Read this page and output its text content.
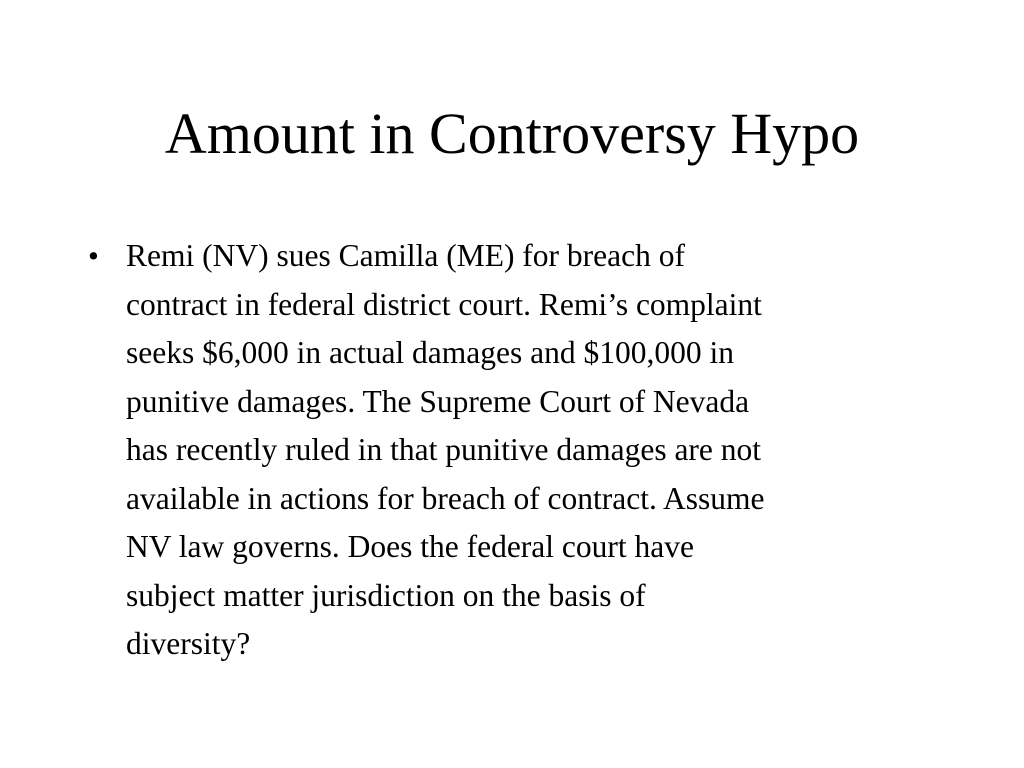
Amount in Controversy Hypo
• Remi (NV) sues Camilla (ME) for breach of
contract in federal district court. Remi’s complaint
seeks $6,000 in actual damages and $100,000 in
punitive damages. The Supreme Court of Nevada
has recently ruled in that punitive damages are not
available in actions for breach of contract. Assume
NV law governs. Does the federal court have
subject matter jurisdiction on the basis of
diversity?
